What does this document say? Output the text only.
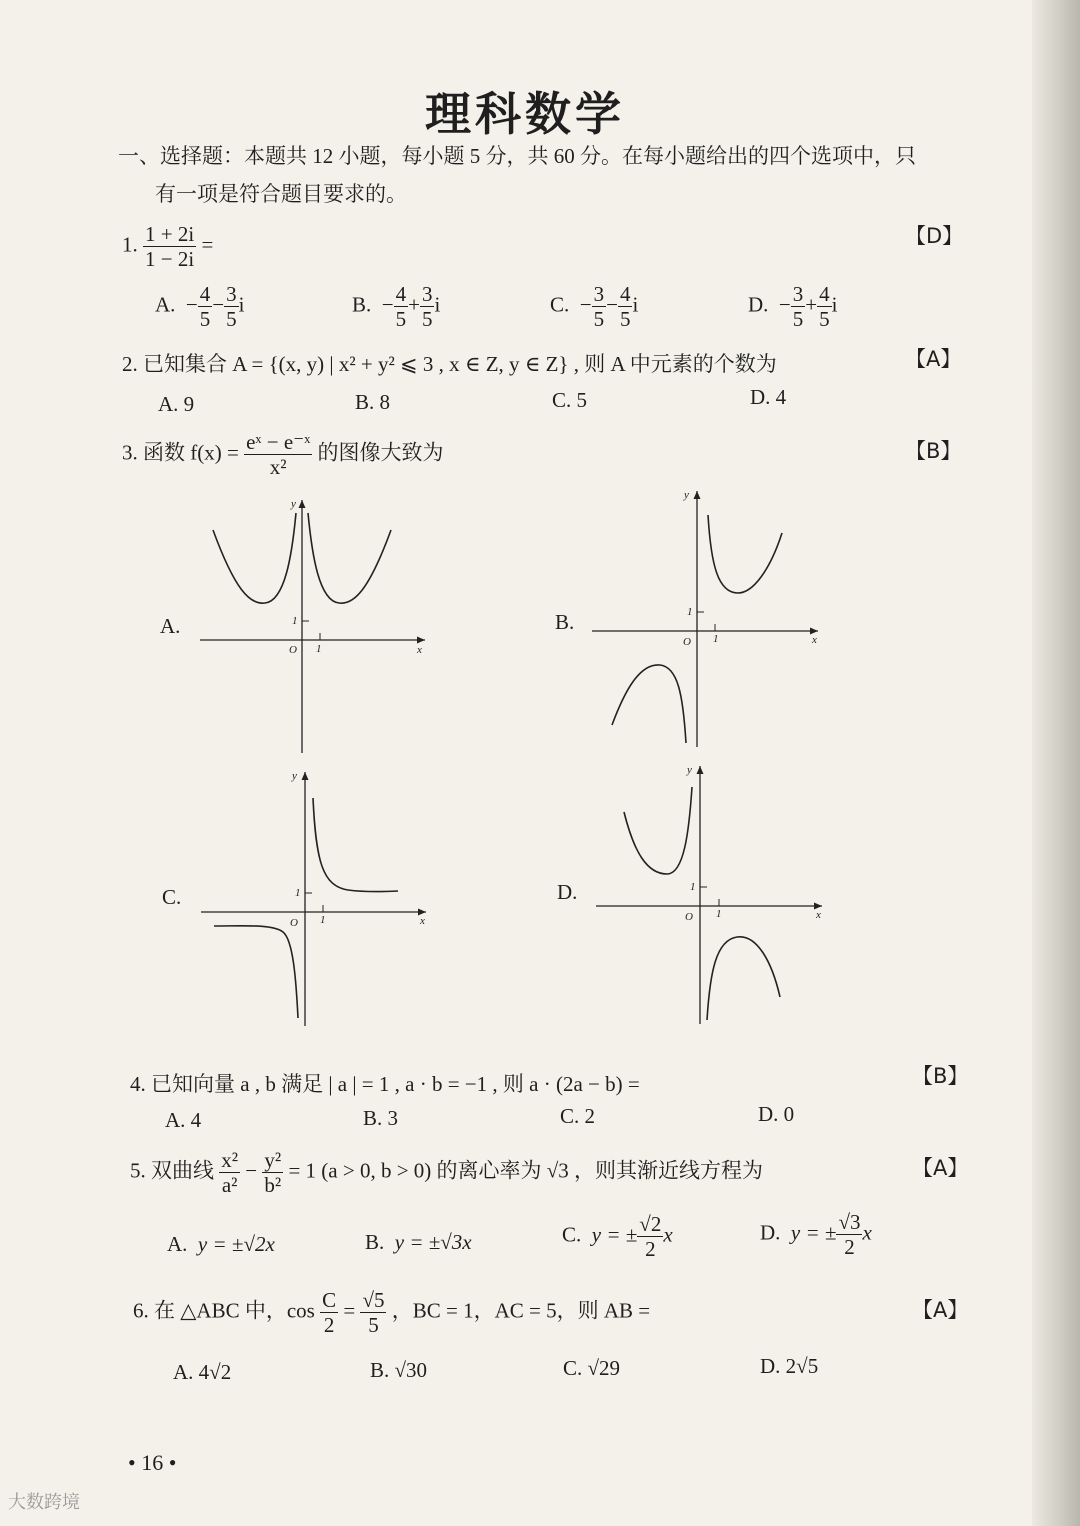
理科数学
一、选择题：本题共 12 小题，每小题 5 分，共 60 分。在每小题给出的四个选项中，只
有一项是符合题目要求的。
1. $\frac{1 + 2i}{1 - 2i}$ =	【D】
A. − $\frac{4}{5} - \frac{3}{5}$ i	B. − $\frac{4}{5} + \frac{3}{5}$ i	C. − $\frac{3}{5} - \frac{4}{5}$ i	D. − $\frac{3}{5} + \frac{4}{5}$ i
2. 已知集合 A = {(x, y) | x² + y² ⩽ 3 , x ∈ Z, y ∈ Z} , 则 A 中元素的个数为	【A】
A. 9	B. 8	C. 5	D. 4
3. 函数 $f(x) = \frac{\text{eˣ − e⁻ˣ}}{\text{x²}}$ 的图像大致为	【B】
A.
x
y
O
1
1
B.
x
y
O
1
1
C.
x
y
O
1
1
D.
x
y
O
1
1
4. 已知向量 a , b 满足 | a | = 1 , a · b = −1 , 则 a · (2a − b) =	【B】
A. 4	B. 3	C. 2	D. 0
5. 双曲线 $\frac{\text{x²}}{\text{a²}} - \frac{\text{y²}}{\text{b²}} = 1$ (a > 0, b > 0) 的离心率为 √3 ，则其渐近线方程为	【A】
A. y = ±√2x	B. y = ±√3x	C. y = ± $\frac{√2}{2}$ x	D. y = ± $\frac{√3}{2}$ x
6. 在 △ABC 中，$\cos \frac{C}{2} = \frac{√5}{5}$ ，BC = 1，AC = 5，则 AB =	【A】
A. 4√2	B. √30	C. √29	D. 2√5
• 16 •
大数跨境
